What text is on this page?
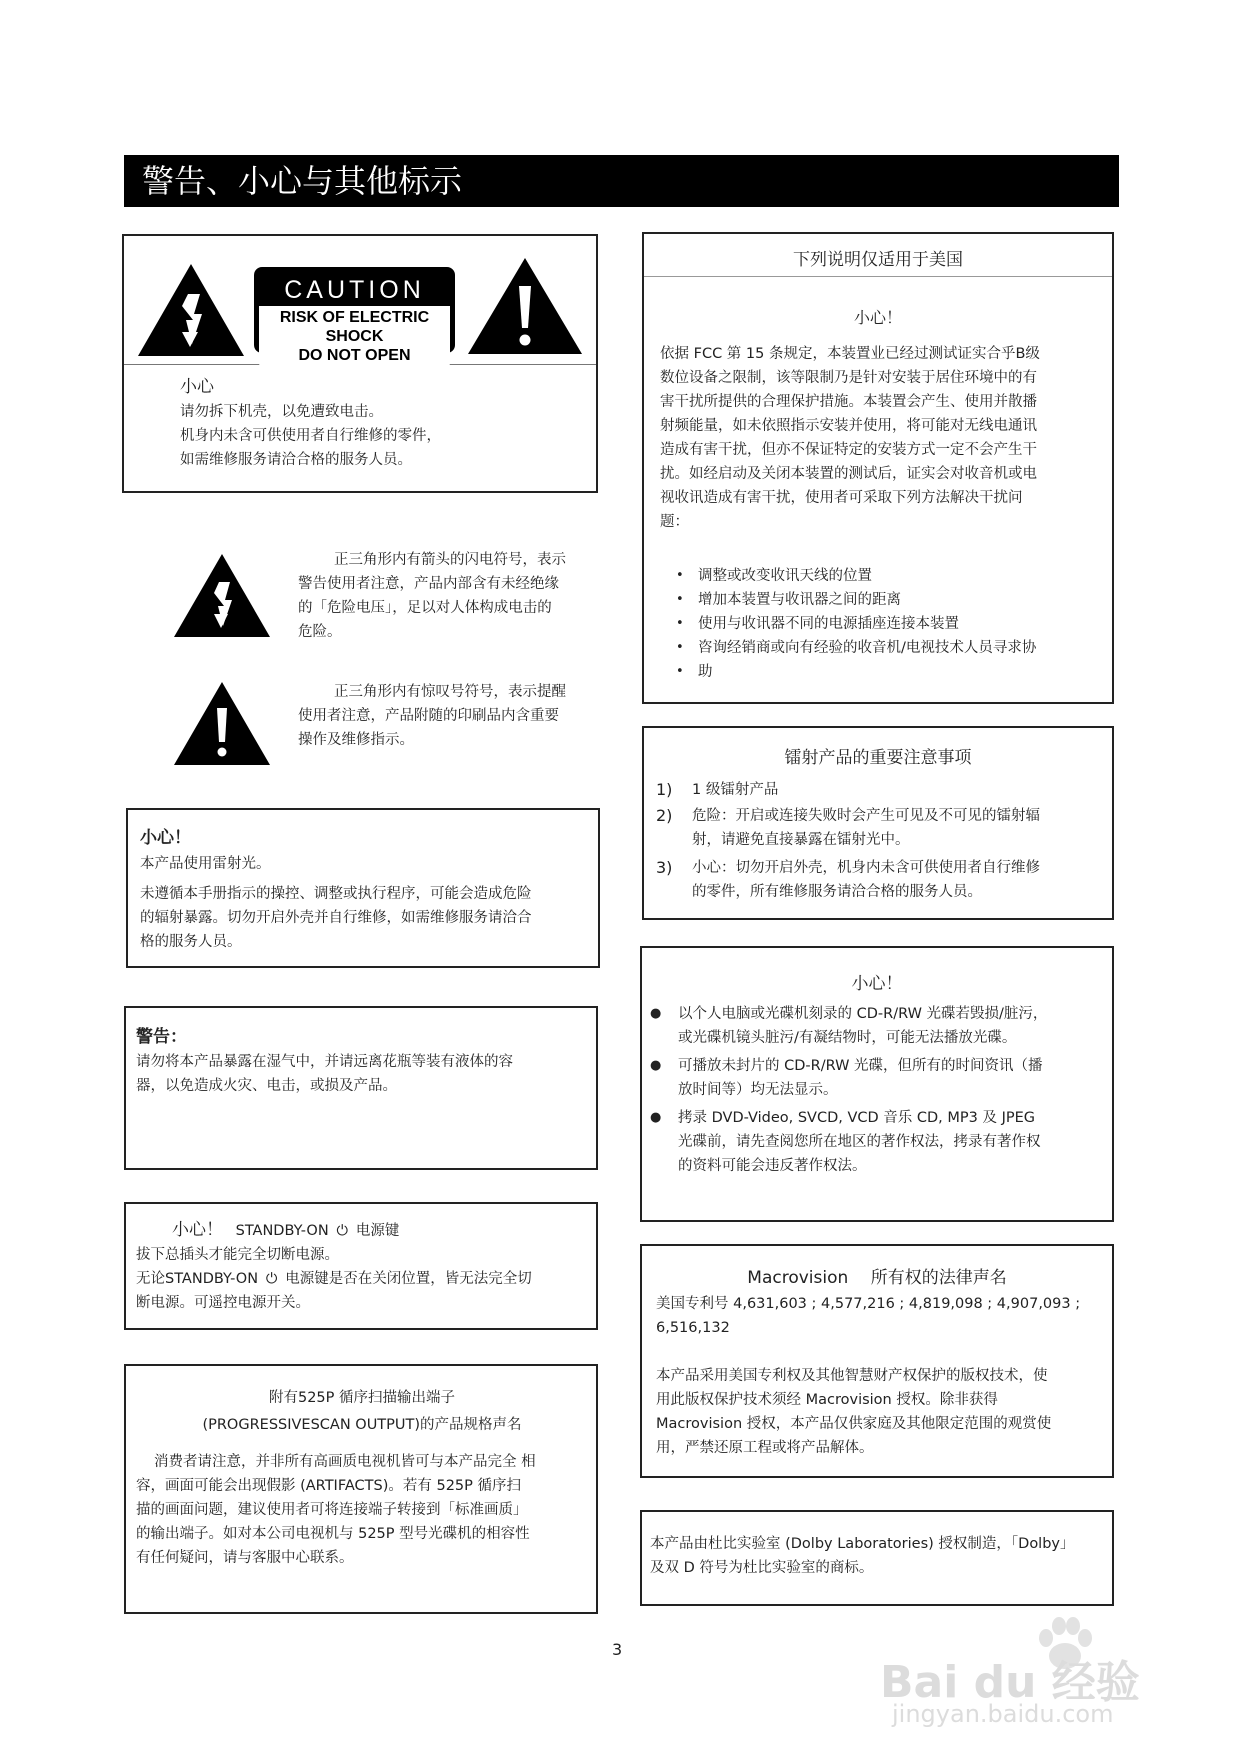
警告、小心与其他标示
CAUTION
RISK OF ELECTRIC SHOCK
DO NOT OPEN

小心

请勿拆下机壳，以免遭致电击。

机身内未含可供使用者自行维修的零件，

如需维修服务请洽合格的服务人员。

正三角形内有箭头的闪电符号，表示

警告使用者注意，产品内部含有未经绝缘

的「危险电压」，足以对人体构成电击的

危险。

正三角形内有惊叹号符号，表示提醒

使用者注意，产品附随的印刷品内含重要

操作及维修指示。

小心！

本产品使用雷射光。

未遵循本手册指示的操控、调整或执行程序，可能会造成危险

的辐射暴露。切勿开启外壳并自行维修，如需维修服务请洽合

格的服务人员。

警告：

请勿将本产品暴露在湿气中，并请远离花瓶等装有液体的容

器，以免造成火灾、电击，或损及产品。

小心！ STANDBY-ON ⏻ 电源键

拔下总插头才能完全切断电源。

无论STANDBY-ON ⏻ 电源键是否在关闭位置，皆无法完全切

断电源。可遥控电源开关。

附有525P 循序扫描输出端子

(PROGRESSIVESCAN OUTPUT)的产品规格声名

消费者请注意，并非所有高画质电视机皆可与本产品完全 相

容，画面可能会出现假影 (ARTIFACTS)。若有 525P 循序扫

描的画面问题，建议使用者可将连接端子转接到「标准画质」

的输出端子。如对本公司电视机与 525P 型号光碟机的相容性

有任何疑问，请与客服中心联系。

下列说明仅适用于美国
小心！

依据 FCC 第 15 条规定，本装置业已经过测试证实合乎B级

数位设备之限制，该等限制乃是针对安装于居住环境中的有

害干扰所提供的合理保护措施。本装置会产生、使用并散播

射频能量，如未依照指示安装并使用，将可能对无线电通讯

造成有害干扰，但亦不保证特定的安装方式一定不会产生干

扰。如经启动及关闭本装置的测试后，证实会对收音机或电

视收讯造成有害干扰，使用者可采取下列方法解决干扰问

题：

• 调整或改变收讯天线的位置
• 增加本装置与收讯器之间的距离
• 使用与收讯器不同的电源插座连接本装置
• 咨询经销商或向有经验的收音机/电视技术人员寻求协
• 助
镭射产品的重要注意事项
1) 1 级镭射产品
2) 危险：开启或连接失败时会产生可见及不可见的镭射辐
射，请避免直接暴露在镭射光中。
3) 小心：切勿开启外壳，机身内未含可供使用者自行维修
的零件，所有维修服务请洽合格的服务人员。
小心！
● 以个人电脑或光碟机刻录的 CD-R/RW 光碟若毁损/脏污，
或光碟机镜头脏污/有凝结物时，可能无法播放光碟。
● 可播放未封片的 CD-R/RW 光碟，但所有的时间资讯（播
放时间等）均无法显示。
● 拷录 DVD-Video, SVCD, VCD 音乐 CD, MP3 及 JPEG
光碟前，请先查阅您所在地区的著作权法，拷录有著作权
的资料可能会违反著作权法。
Macrovision　 所有权的法律声名

美国专利号 4,631,603 ; 4,577,216 ; 4,819,098 ; 4,907,093 ;

6,516,132

本产品采用美国专利权及其他智慧财产权保护的版权技术，使

用此版权保护技术须经 Macrovision 授权。除非获得

Macrovision 授权，本产品仅供家庭及其他限定范围的观赏使

用，严禁还原工程或将产品解体。

本产品由杜比实验室 (Dolby Laboratories) 授权制造，「Dolby」

及双 D 符号为杜比实验室的商标。

3
Bai du 经验
jingyan.baidu.com
